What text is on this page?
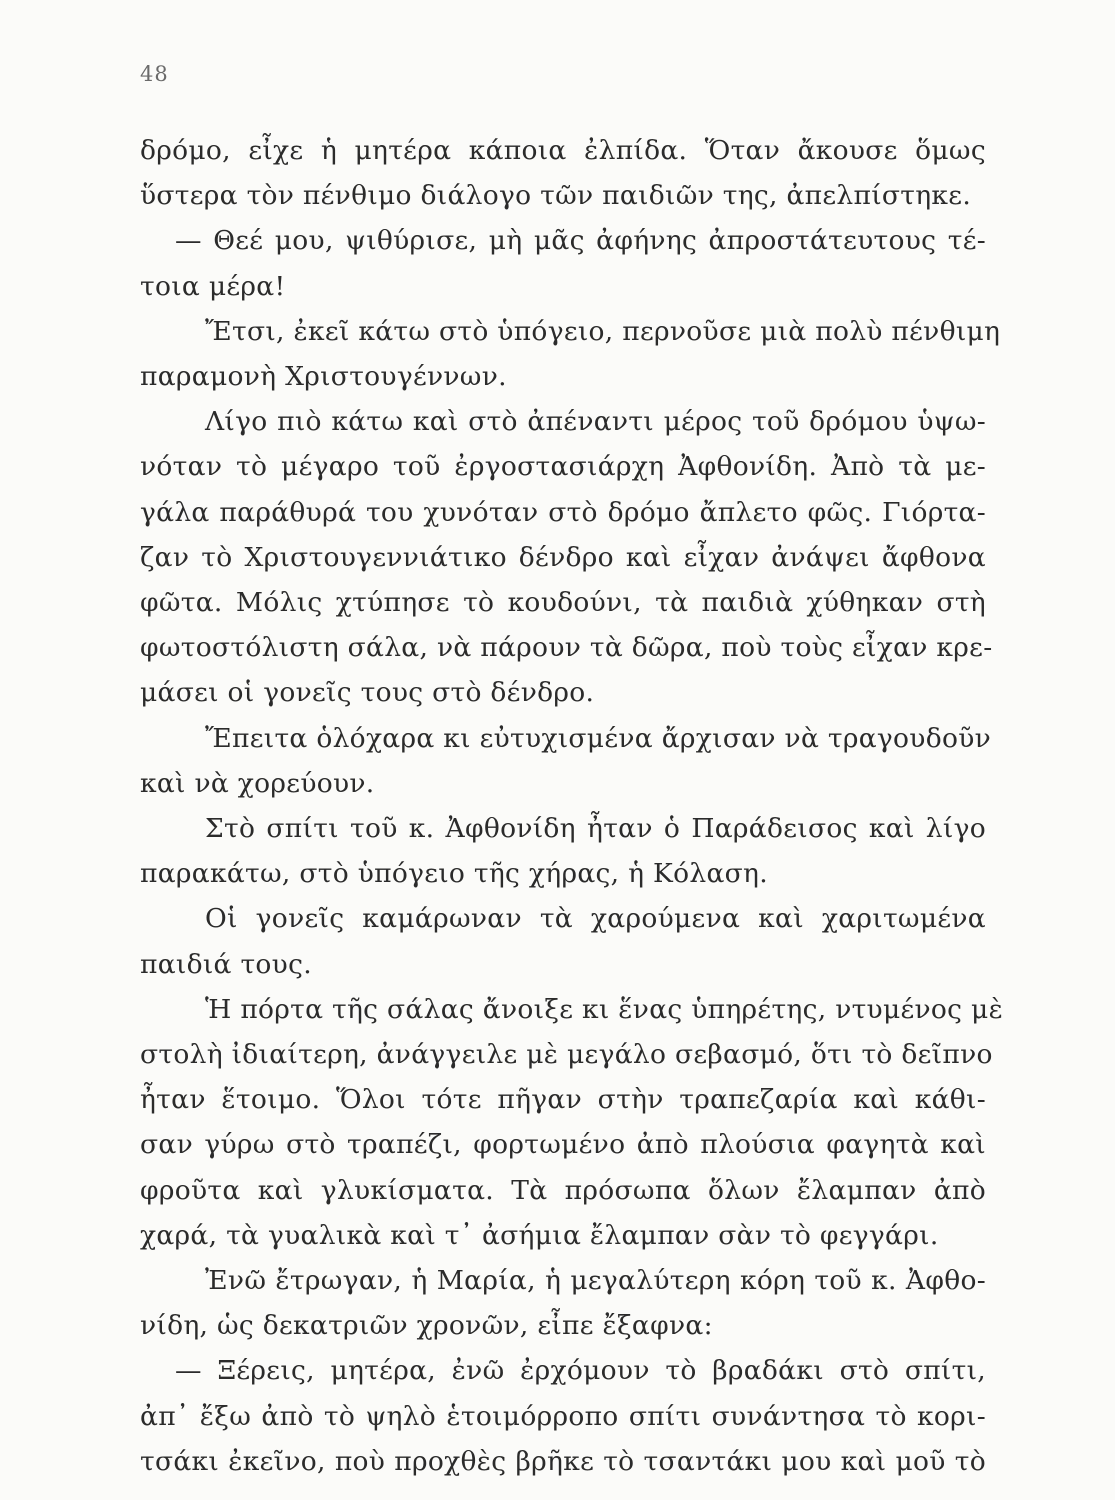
48
δρόμο, εἶχε ἡ μητέρα κάποια ἐλπίδα. Ὅταν ἄκουσε ὅμως
ὕστερα τὸν πένθιμο διάλογο τῶν παιδιῶν της, ἀπελπίστηκε.
— Θεέ μου, ψιθύρισε, μὴ μᾶς ἀφήνης ἀπροστάτευτους τέ-
τοια μέρα!
Ἔτσι, ἐκεῖ κάτω στὸ ὑπόγειο, περνοῦσε μιὰ πολὺ πένθιμη
παραμονὴ Χριστουγέννων.
Λίγο πιὸ κάτω καὶ στὸ ἀπέναντι μέρος τοῦ δρόμου ὑψω-
νόταν τὸ μέγαρο τοῦ ἐργοστασιάρχη Ἀφθονίδη. Ἀπὸ τὰ με-
γάλα παράθυρά του χυνόταν στὸ δρόμο ἄπλετο φῶς. Γιόρτα-
ζαν τὸ Χριστουγεννιάτικο δένδρο καὶ εἶχαν ἀνάψει ἄφθονα
φῶτα. Μόλις χτύπησε τὸ κουδούνι, τὰ παιδιὰ χύθηκαν στὴ
φωτοστόλιστη σάλα, νὰ πάρουν τὰ δῶρα, ποὺ τοὺς εἶχαν κρε-
μάσει οἱ γονεῖς τους στὸ δένδρο.
Ἔπειτα ὁλόχαρα κι εὐτυχισμένα ἄρχισαν νὰ τραγουδοῦν
καὶ νὰ χορεύουν.
Στὸ σπίτι τοῦ κ. Ἀφθονίδη ἦταν ὁ Παράδεισος καὶ λίγο
παρακάτω, στὸ ὑπόγειο τῆς χήρας, ἡ Κόλαση.
Οἱ γονεῖς καμάρωναν τὰ χαρούμενα καὶ χαριτωμένα
παιδιά τους.
Ἡ πόρτα τῆς σάλας ἄνοιξε κι ἕνας ὑπηρέτης, ντυμένος μὲ
στολὴ ἰδιαίτερη, ἀνάγγειλε μὲ μεγάλο σεβασμό, ὅτι τὸ δεῖπνο
ἦταν ἕτοιμο. Ὅλοι τότε πῆγαν στὴν τραπεζαρία καὶ κάθι-
σαν γύρω στὸ τραπέζι, φορτωμένο ἀπὸ πλούσια φαγητὰ καὶ
φροῦτα καὶ γλυκίσματα. Τὰ πρόσωπα ὅλων ἔλαμπαν ἀπὸ
χαρά, τὰ γυαλικὰ καὶ τ᾽ ἀσήμια ἔλαμπαν σὰν τὸ φεγγάρι.
Ἐνῶ ἔτρωγαν, ἡ Μαρία, ἡ μεγαλύτερη κόρη τοῦ κ. Ἀφθο-
νίδη, ὡς δεκατριῶν χρονῶν, εἶπε ἔξαφνα:
— Ξέρεις, μητέρα, ἐνῶ ἐρχόμουν τὸ βραδάκι στὸ σπίτι,
ἀπ᾽ ἔξω ἀπὸ τὸ ψηλὸ ἑτοιμόρροπο σπίτι συνάντησα τὸ κορι-
τσάκι ἐκεῖνο, ποὺ προχθὲς βρῆκε τὸ τσαντάκι μου καὶ μοῦ τὸ
